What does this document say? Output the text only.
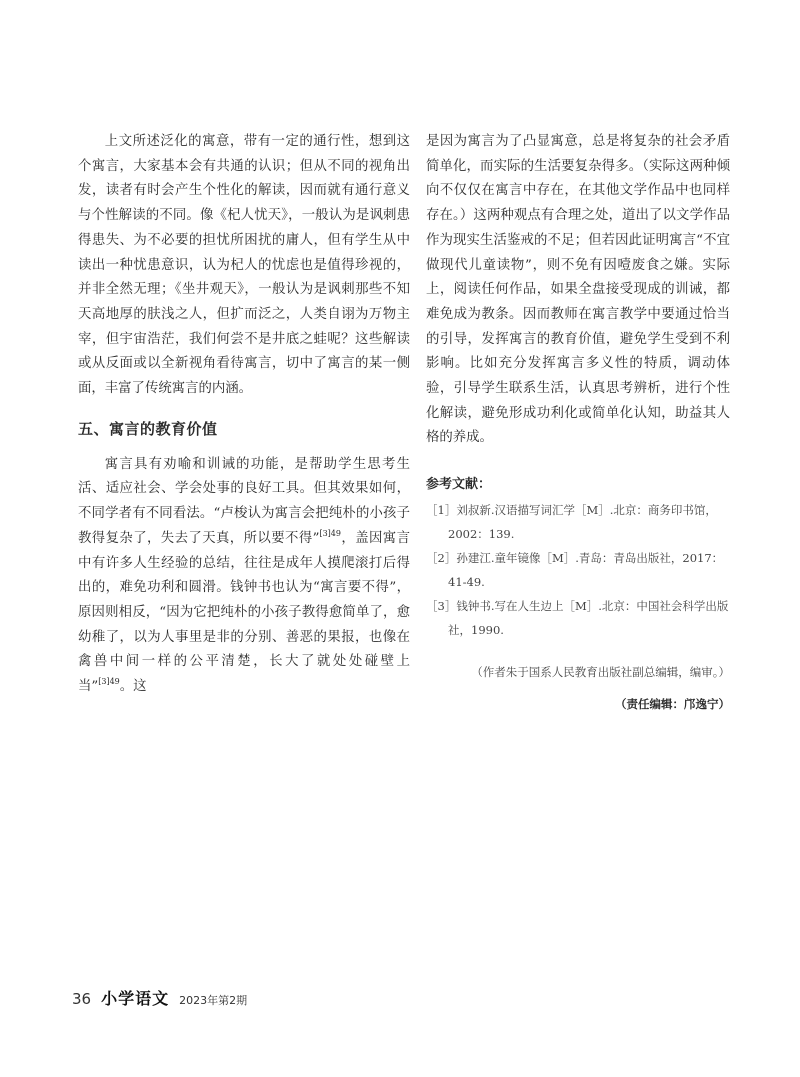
上文所述泛化的寓意，带有一定的通行性，想到这个寓言，大家基本会有共通的认识；但从不同的视角出发，读者有时会产生个性化的解读，因而就有通行意义与个性解读的不同。像《杞人忧天》，一般认为是讽刺患得患失、为不必要的担忧所困扰的庸人，但有学生从中读出一种忧患意识，认为杞人的忧虑也是值得珍视的，并非全然无理；《坐井观天》，一般认为是讽刺那些不知天高地厚的肤浅之人，但扩而泛之，人类自诩为万物主宰，但宇宙浩茫，我们何尝不是井底之蛙呢？这些解读或从反面或以全新视角看待寓言，切中了寓言的某一侧面，丰富了传统寓言的内涵。

五、寓言的教育价值

寓言具有劝喻和训诫的功能，是帮助学生思考生活、适应社会、学会处事的良好工具。但其效果如何，不同学者有不同看法。“卢梭认为寓言会把纯朴的小孩子教得复杂了，失去了天真，所以要不得”$^{[3]49}$，盖因寓言中有许多人生经验的总结，往往是成年人摸爬滚打后得出的，难免功利和圆滑。钱钟书也认为“寓言要不得”，原因则相反，“因为它把纯朴的小孩子教得愈简单了，愈幼稚了，以为人事里是非的分别、善恶的果报，也像在禽兽中间一样的公平清楚，长大了就处处碰壁上当”$^{[3]49}$。这

是因为寓言为了凸显寓意，总是将复杂的社会矛盾简单化，而实际的生活要复杂得多。（实际这两种倾向不仅仅在寓言中存在，在其他文学作品中也同样存在。）这两种观点有合理之处，道出了以文学作品作为现实生活鉴戒的不足；但若因此证明寓言“不宜做现代儿童读物”，则不免有因噎废食之嫌。实际上，阅读任何作品，如果全盘接受现成的训诫，都难免成为教条。因而教师在寓言教学中要通过恰当的引导，发挥寓言的教育价值，避免学生受到不利影响。比如充分发挥寓言多义性的特质，调动体验，引导学生联系生活，认真思考辨析，进行个性化解读，避免形成功利化或简单化认知，助益其人格的养成。

参考文献：

［1］刘叔新.汉语描写词汇学［M］.北京：商务印书馆，2002：139.

［2］孙建江.童年镜像［M］.青岛：青岛出版社，2017：41-49.

［3］钱钟书.写在人生边上［M］.北京：中国社会科学出版社，1990.

（作者朱于国系人民教育出版社副总编辑，编审。）

（责任编辑：邝逸宁）

36 小学语文 2023年第2期
